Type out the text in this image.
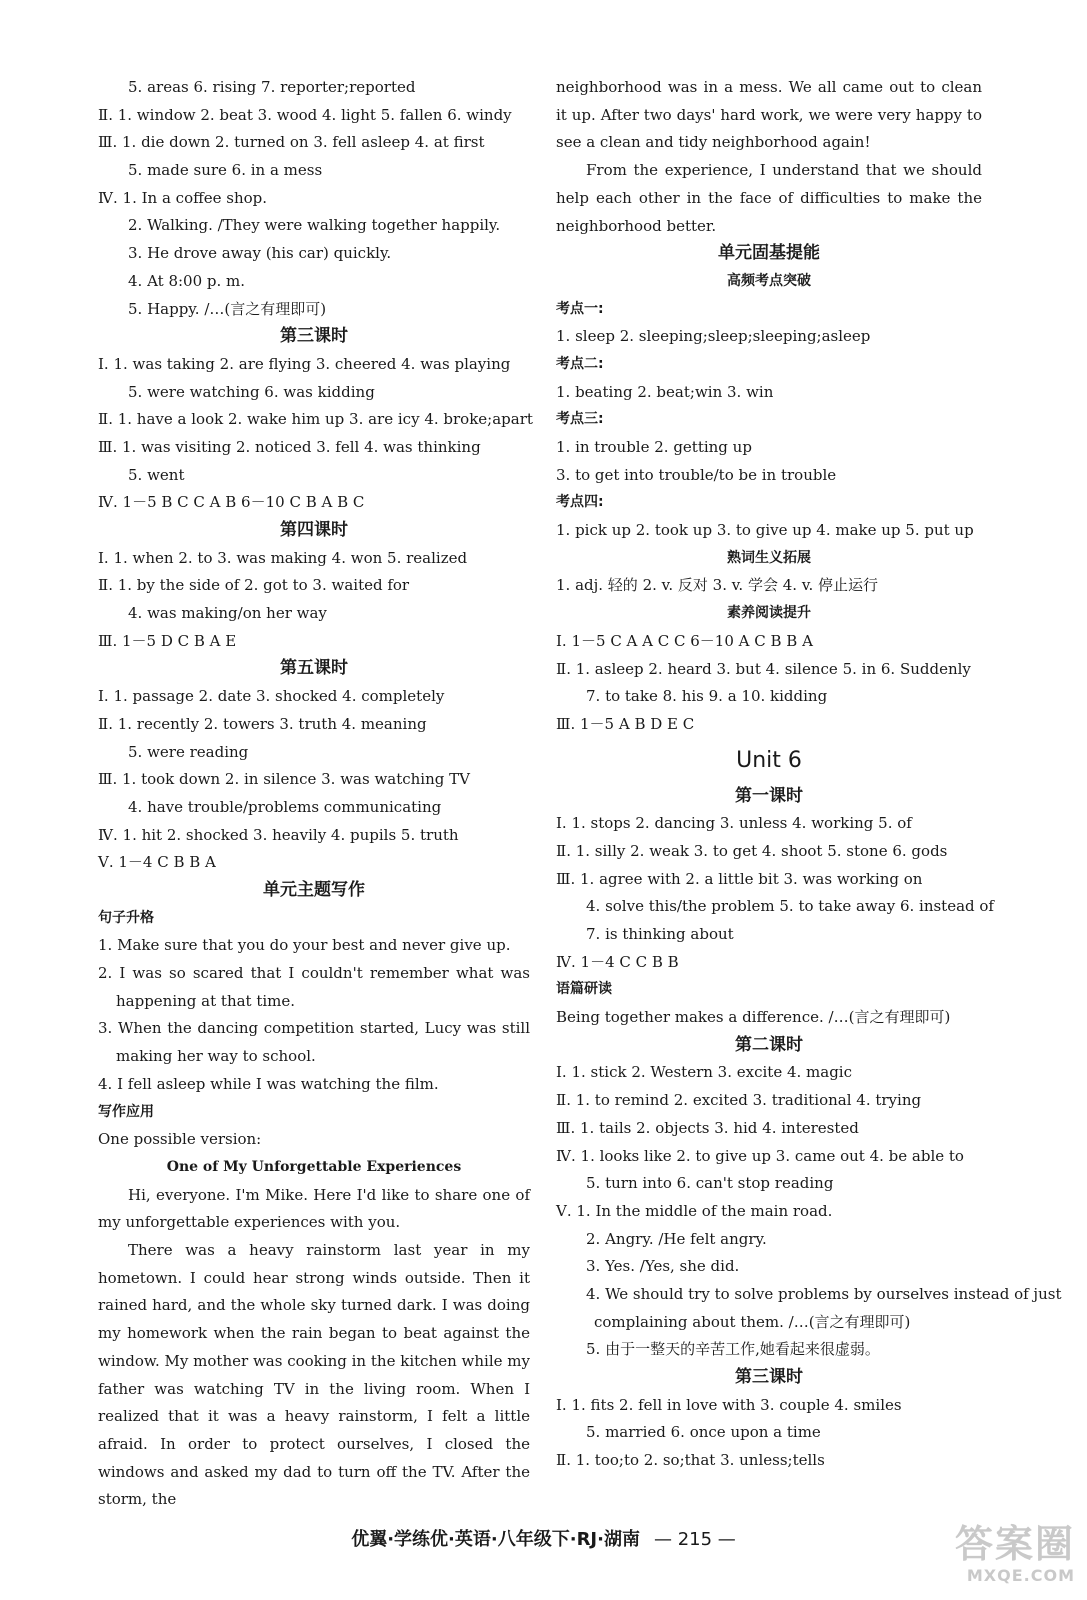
5. areas 6. rising 7. reporter;reported
Ⅱ. 1. window 2. beat 3. wood 4. light 5. fallen 6. windy
Ⅲ. 1. die down 2. turned on 3. fell asleep 4. at first
5. made sure 6. in a mess
Ⅳ. 1. In a coffee shop.
2. Walking. /They were walking together happily.
3. He drove away (his car) quickly.
4. At 8:00 p. m.
5. Happy. /…(言之有理即可)
第三课时
Ⅰ. 1. was taking 2. are flying 3. cheered 4. was playing
5. were watching 6. was kidding
Ⅱ. 1. have a look 2. wake him up 3. are icy 4. broke;apart
Ⅲ. 1. was visiting 2. noticed 3. fell 4. was thinking
5. went
Ⅳ. 1－5 B C C A B 6－10 C B A B C
第四课时
Ⅰ. 1. when 2. to 3. was making 4. won 5. realized
Ⅱ. 1. by the side of 2. got to 3. waited for
4. was making/on her way
Ⅲ. 1－5 D C B A E
第五课时
Ⅰ. 1. passage 2. date 3. shocked 4. completely
Ⅱ. 1. recently 2. towers 3. truth 4. meaning
5. were reading
Ⅲ. 1. took down 2. in silence 3. was watching TV
4. have trouble/problems communicating
Ⅳ. 1. hit 2. shocked 3. heavily 4. pupils 5. truth
Ⅴ. 1－4 C B B A
单元主题写作
句子升格
1. Make sure that you do your best and never give up.
2. I was so scared that I couldn't remember what was happening at that time.
3. When the dancing competition started, Lucy was still making her way to school.
4. I fell asleep while I was watching the film.
写作应用
One possible version:
One of My Unforgettable Experiences
Hi, everyone. I'm Mike. Here I'd like to share one of my unforgettable experiences with you.
There was a heavy rainstorm last year in my hometown. I could hear strong winds outside. Then it rained hard, and the whole sky turned dark. I was doing my homework when the rain began to beat against the window. My mother was cooking in the kitchen while my father was watching TV in the living room. When I realized that it was a heavy rainstorm, I felt a little afraid. In order to protect ourselves, I closed the windows and asked my dad to turn off the TV. After the storm, the
neighborhood was in a mess. We all came out to clean it up. After two days' hard work, we were very happy to see a clean and tidy neighborhood again!
From the experience, I understand that we should help each other in the face of difficulties to make the neighborhood better.
单元固基提能
高频考点突破
考点一:
1. sleep 2. sleeping;sleep;sleeping;asleep
考点二:
1. beating 2. beat;win 3. win
考点三:
1. in trouble 2. getting up
3. to get into trouble/to be in trouble
考点四:
1. pick up 2. took up 3. to give up 4. make up 5. put up
熟词生义拓展
1. adj. 轻的 2. v. 反对 3. v. 学会 4. v. 停止运行
素养阅读提升
Ⅰ. 1－5 C A A C C 6－10 A C B B A
Ⅱ. 1. asleep 2. heard 3. but 4. silence 5. in 6. Suddenly
7. to take 8. his 9. a 10. kidding
Ⅲ. 1－5 A B D E C
Unit 6
第一课时
Ⅰ. 1. stops 2. dancing 3. unless 4. working 5. of
Ⅱ. 1. silly 2. weak 3. to get 4. shoot 5. stone 6. gods
Ⅲ. 1. agree with 2. a little bit 3. was working on
4. solve this/the problem 5. to take away 6. instead of
7. is thinking about
Ⅳ. 1－4 C C B B
语篇研读
Being together makes a difference. /…(言之有理即可)
第二课时
Ⅰ. 1. stick 2. Western 3. excite 4. magic
Ⅱ. 1. to remind 2. excited 3. traditional 4. trying
Ⅲ. 1. tails 2. objects 3. hid 4. interested
Ⅳ. 1. looks like 2. to give up 3. came out 4. be able to
5. turn into 6. can't stop reading
Ⅴ. 1. In the middle of the main road.
2. Angry. /He felt angry.
3. Yes. /Yes, she did.
4. We should try to solve problems by ourselves instead of just
complaining about them. /…(言之有理即可)
5. 由于一整天的辛苦工作,她看起来很虚弱。
第三课时
Ⅰ. 1. fits 2. fell in love with 3. couple 4. smiles
5. married 6. once upon a time
Ⅱ. 1. too;to 2. so;that 3. unless;tells
优翼·学练优·英语·八年级下·RJ·湖南 — 215 —	答案圈
MXQE.COM
